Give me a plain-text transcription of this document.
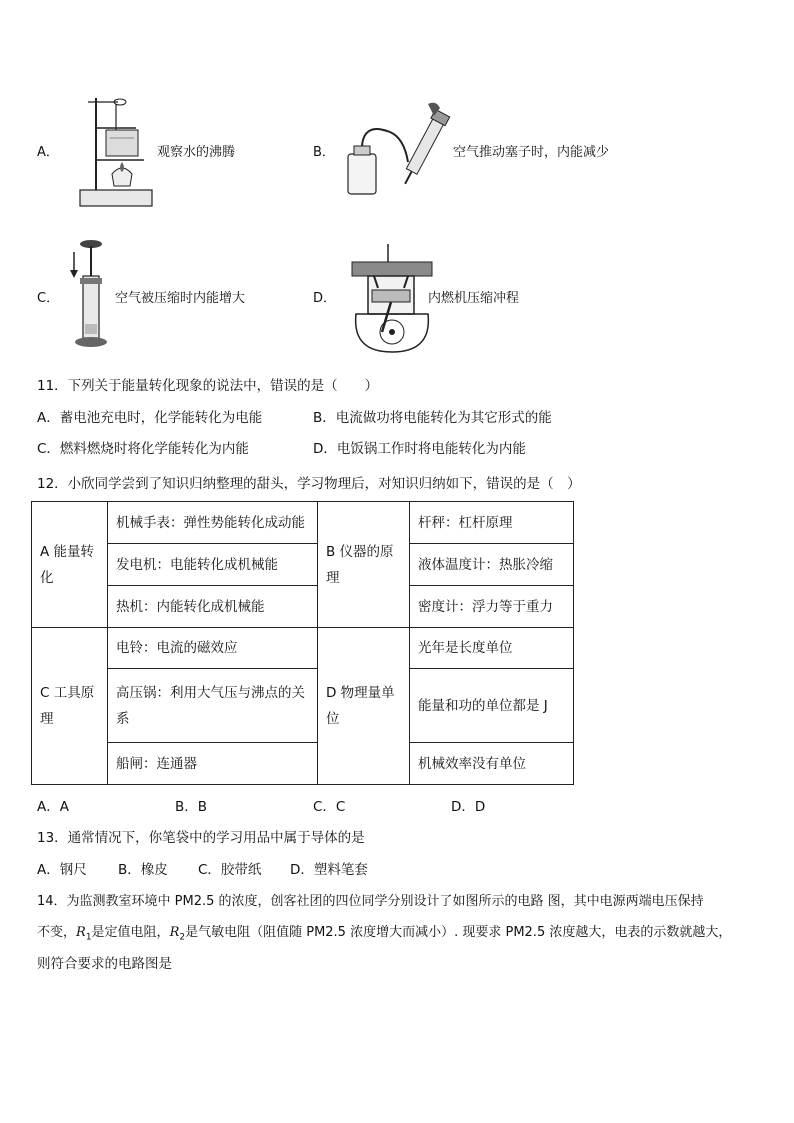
A．	观察水的沸腾	B．	空气推动塞子时，内能减少
C．	空气被压缩时内能增大	D．	内燃机压缩冲程
11．下列关于能量转化现象的说法中，错误的是（　　）
A．蓄电池充电时，化学能转化为电能	B．电流做功将电能转化为其它形式的能
C．燃料燃烧时将化学能转化为内能	D．电饭锅工作时将电能转化为内能
12．小欣同学尝到了知识归纳整理的甜头，学习物理后，对知识归纳如下，错误的是（　）
A 能量转化	机械手表：弹性势能转化成动能	B 仪器的原理	杆秤：杠杆原理
	发电机：电能转化成机械能		液体温度计：热胀冷缩
	热机：内能转化成机械能		密度计：浮力等于重力
C 工具原理	电铃：电流的磁效应	D 物理量单位	光年是长度单位
	高压锅：利用大气压与沸点的关系		能量和功的单位都是 J
	船闸：连通器		机械效率没有单位
A．A	B．B	C．C	D．D
13．通常情况下，你笔袋中的学习用品中属于导体的是
A．钢尺 B．橡皮 C．胶带纸 D．塑料笔套
14．为监测教室环境中 PM2.5 的浓度，创客社团的四位同学分别设计了如图所示的电路 图，其中电源两端电压保持
不变，$R_1$是定值电阻，$R_2$是气敏电阻（阻值随 PM2.5 浓度增大而减小）. 现要求 PM2.5 浓度越大，电表的示数就越大，
则符合要求的电路图是
